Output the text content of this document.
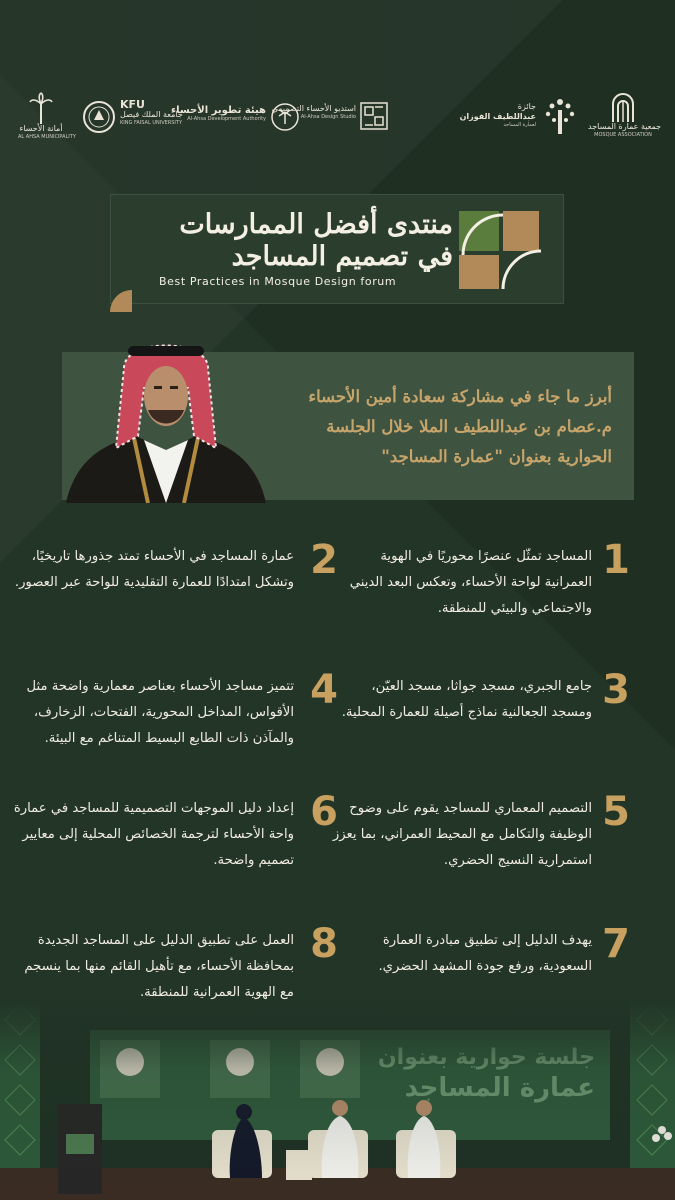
جمعية عمارة المساجد
MOSQUE ASSOCIATION
جائزة
عبداللطيف الفوزان
لعمارة المساجد
استديو الأحساء التصميمي
Al-Ahsa Design Studio
هيئة تطوير الأحساء
Al-Ahsa Development Authority
KFU
جامعة الملك فيصل
KING FAISAL UNIVERSITY
أمانة الأحساء
AL AHSA MUNICIPALITY
منتدى أفضل الممارسات
في تصميم المساجد
Best Practices in Mosque Design forum
أبرز ما جاء في مشاركة سعادة أمين الأحساء
م.عصام بن عبداللطيف الملا خلال الجلسة
الحوارية بعنوان "عمارة المساجد"
1
المساجد تمثّل عنصرًا محوريًا في الهوية العمرانية لواحة الأحساء، وتعكس البعد الديني والاجتماعي والبيئي للمنطقة.
2
عمارة المساجد في الأحساء تمتد جذورها تاريخيًا، وتشكل امتدادًا للعمارة التقليدية للواحة عبر العصور.
3
جامع الجبري، مسجد جواثا، مسجد العيّن، ومسجد الجعالنية نماذج أصيلة للعمارة المحلية.
4
تتميز مساجد الأحساء بعناصر معمارية واضحة مثل الأقواس، المداخل المحورية، الفتحات، الزخارف، والمآذن ذات الطابع البسيط المتناغم مع البيئة.
5
التصميم المعماري للمساجد يقوم على وضوح الوظيفة والتكامل مع المحيط العمراني، بما يعزز استمرارية النسيج الحضري.
6
إعداد دليل الموجهات التصميمية للمساجد في عمارة واحة الأحساء لترجمة الخصائص المحلية إلى معايير تصميم واضحة.
7
يهدف الدليل إلى تطبيق مبادرة العمارة السعودية، ورفع جودة المشهد الحضري.
8
العمل على تطبيق الدليل على المساجد الجديدة بمحافظة الأحساء، مع تأهيل القائم منها بما ينسجم مع الهوية العمرانية للمنطقة.
